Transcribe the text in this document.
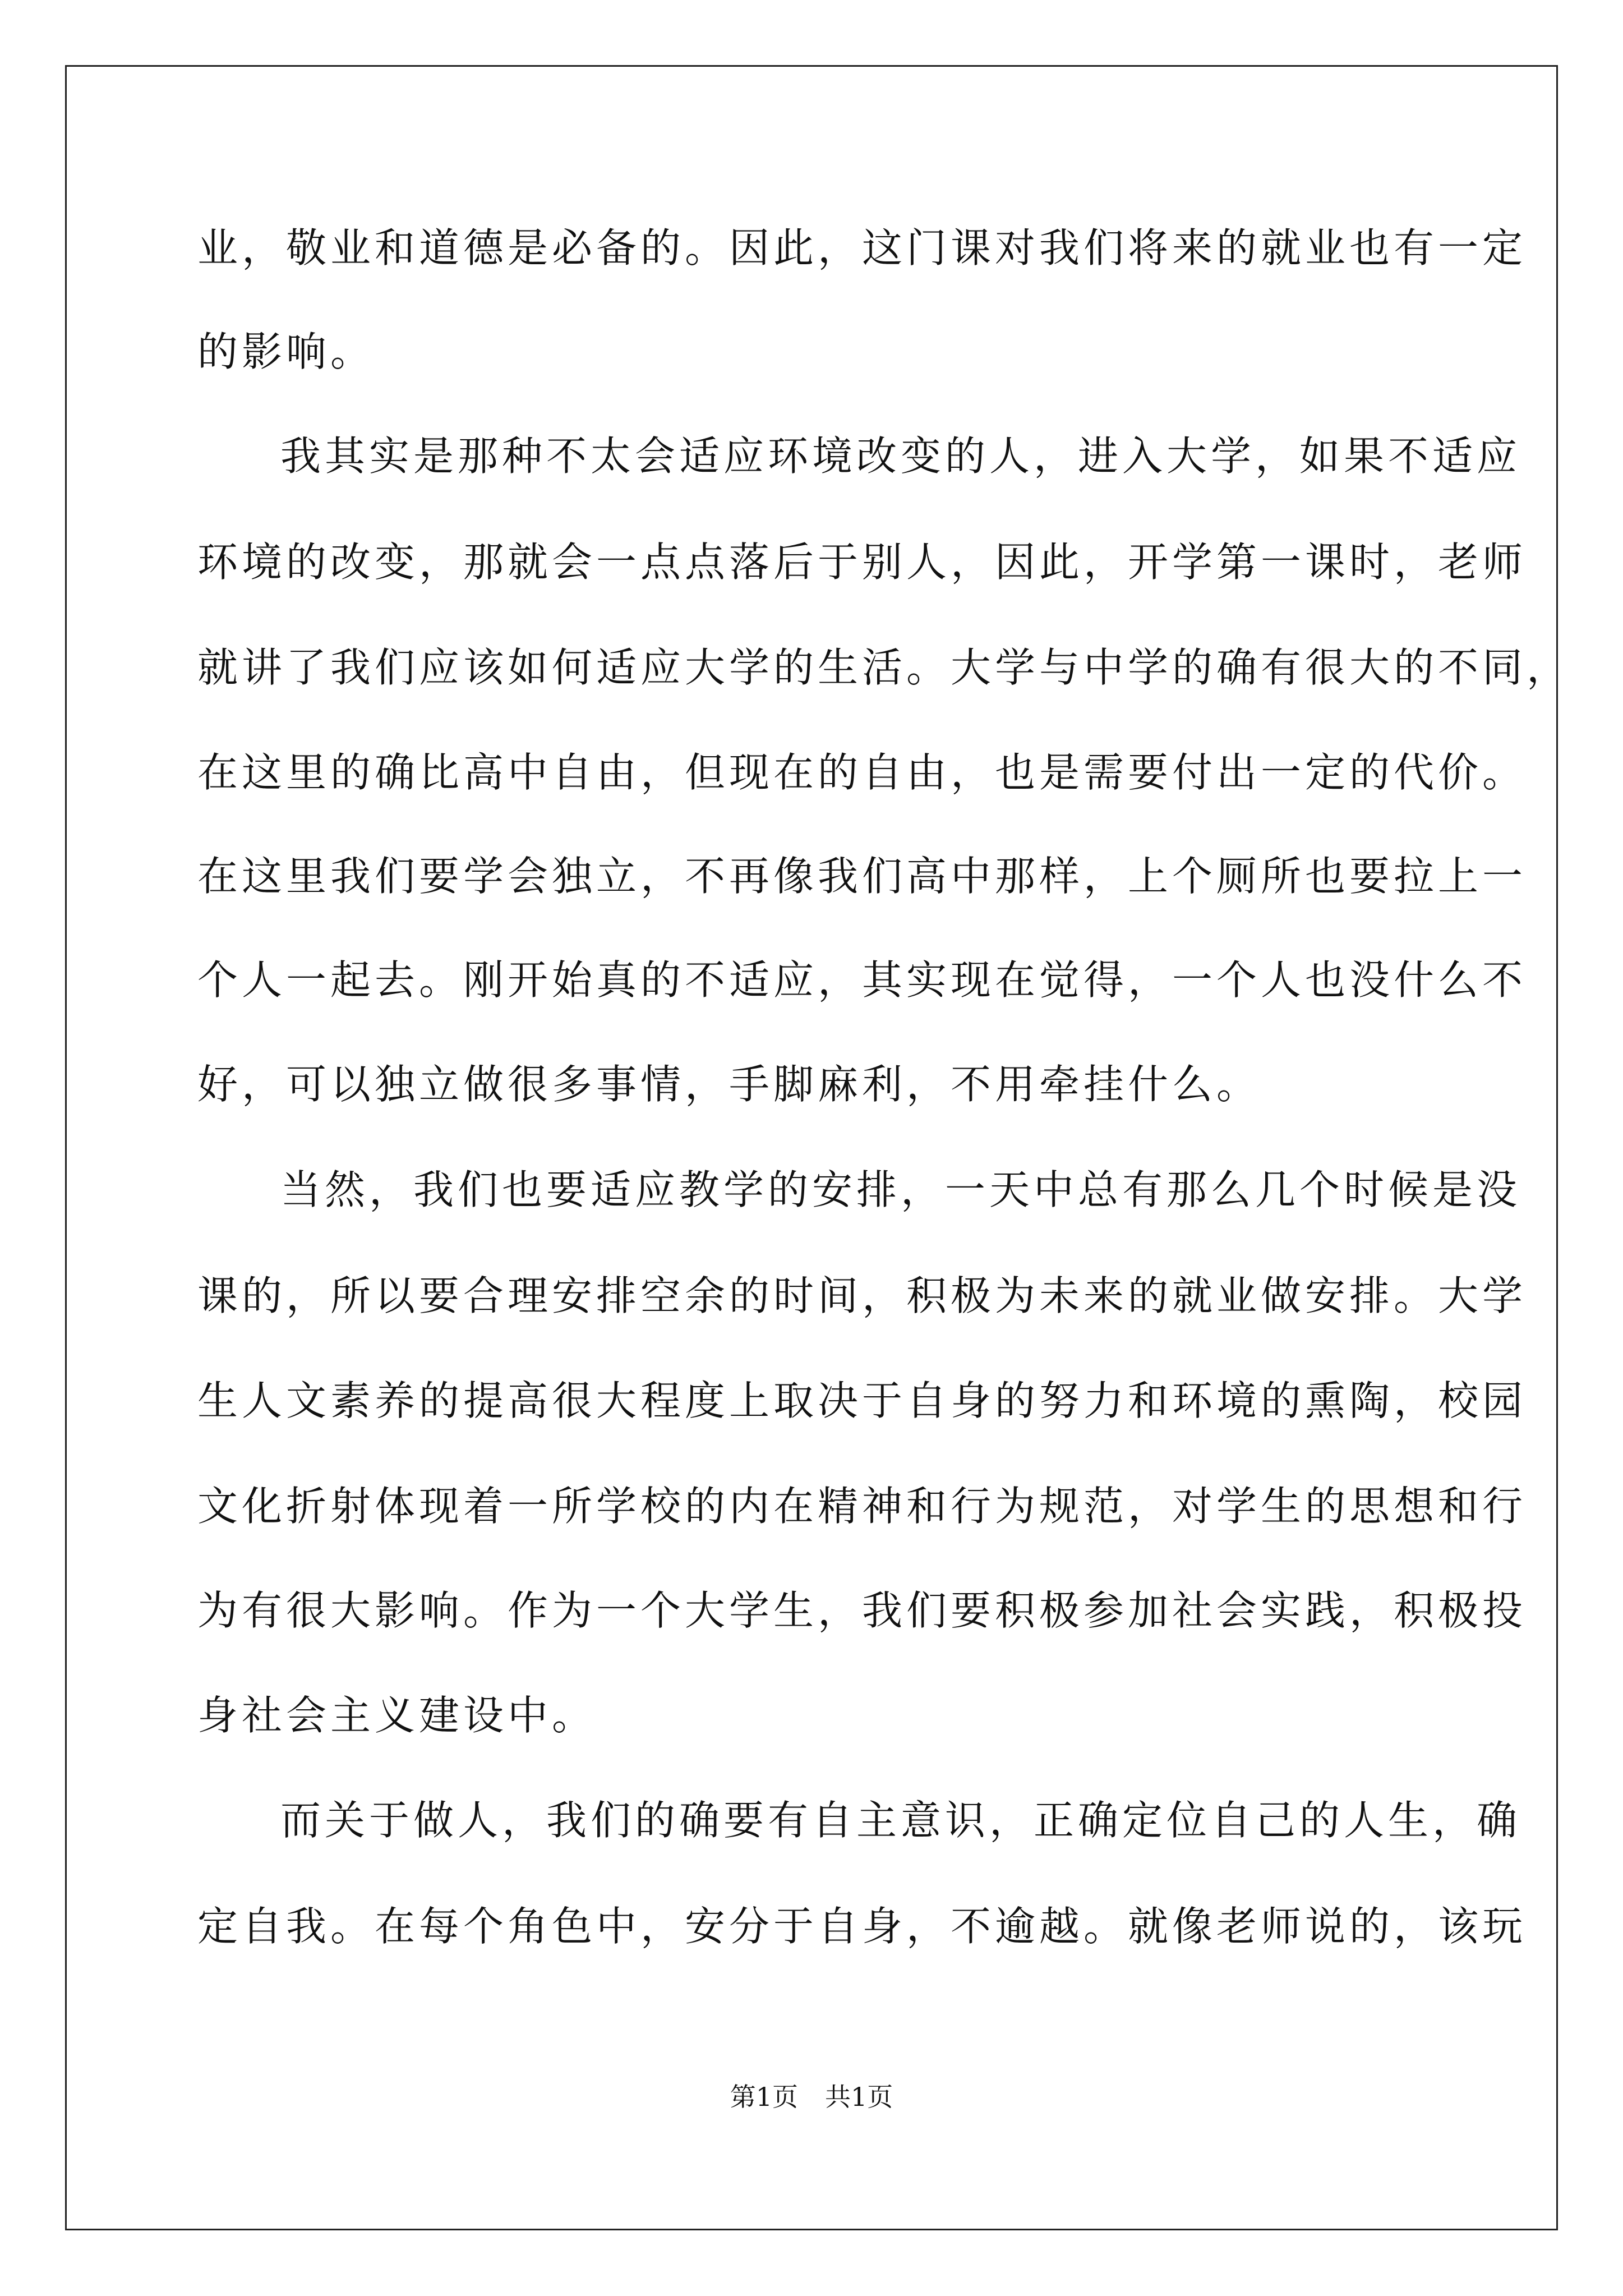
业，敬业和道德是必备的。因此，这门课对我们将来的就业也有一定

的影响。

我其实是那种不太会适应环境改变的人，进入大学，如果不适应

环境的改变，那就会一点点落后于别人，因此，开学第一课时，老师

就讲了我们应该如何适应大学的生活。大学与中学的确有很大的不同，

在这里的确比高中自由，但现在的自由，也是需要付出一定的代价。

在这里我们要学会独立，不再像我们高中那样，上个厕所也要拉上一

个人一起去。刚开始真的不适应，其实现在觉得，一个人也没什么不

好，可以独立做很多事情，手脚麻利，不用牵挂什么。

当然，我们也要适应教学的安排，一天中总有那么几个时候是没

课的，所以要合理安排空余的时间，积极为未来的就业做安排。大学

生人文素养的提高很大程度上取决于自身的努力和环境的熏陶，校园

文化折射体现着一所学校的内在精神和行为规范，对学生的思想和行

为有很大影响。作为一个大学生，我们要积极参加社会实践，积极投

身社会主义建设中。

而关于做人，我们的确要有自主意识，正确定位自己的人生，确

定自我。在每个角色中，安分于自身，不逾越。就像老师说的，该玩

第1页 共1页
